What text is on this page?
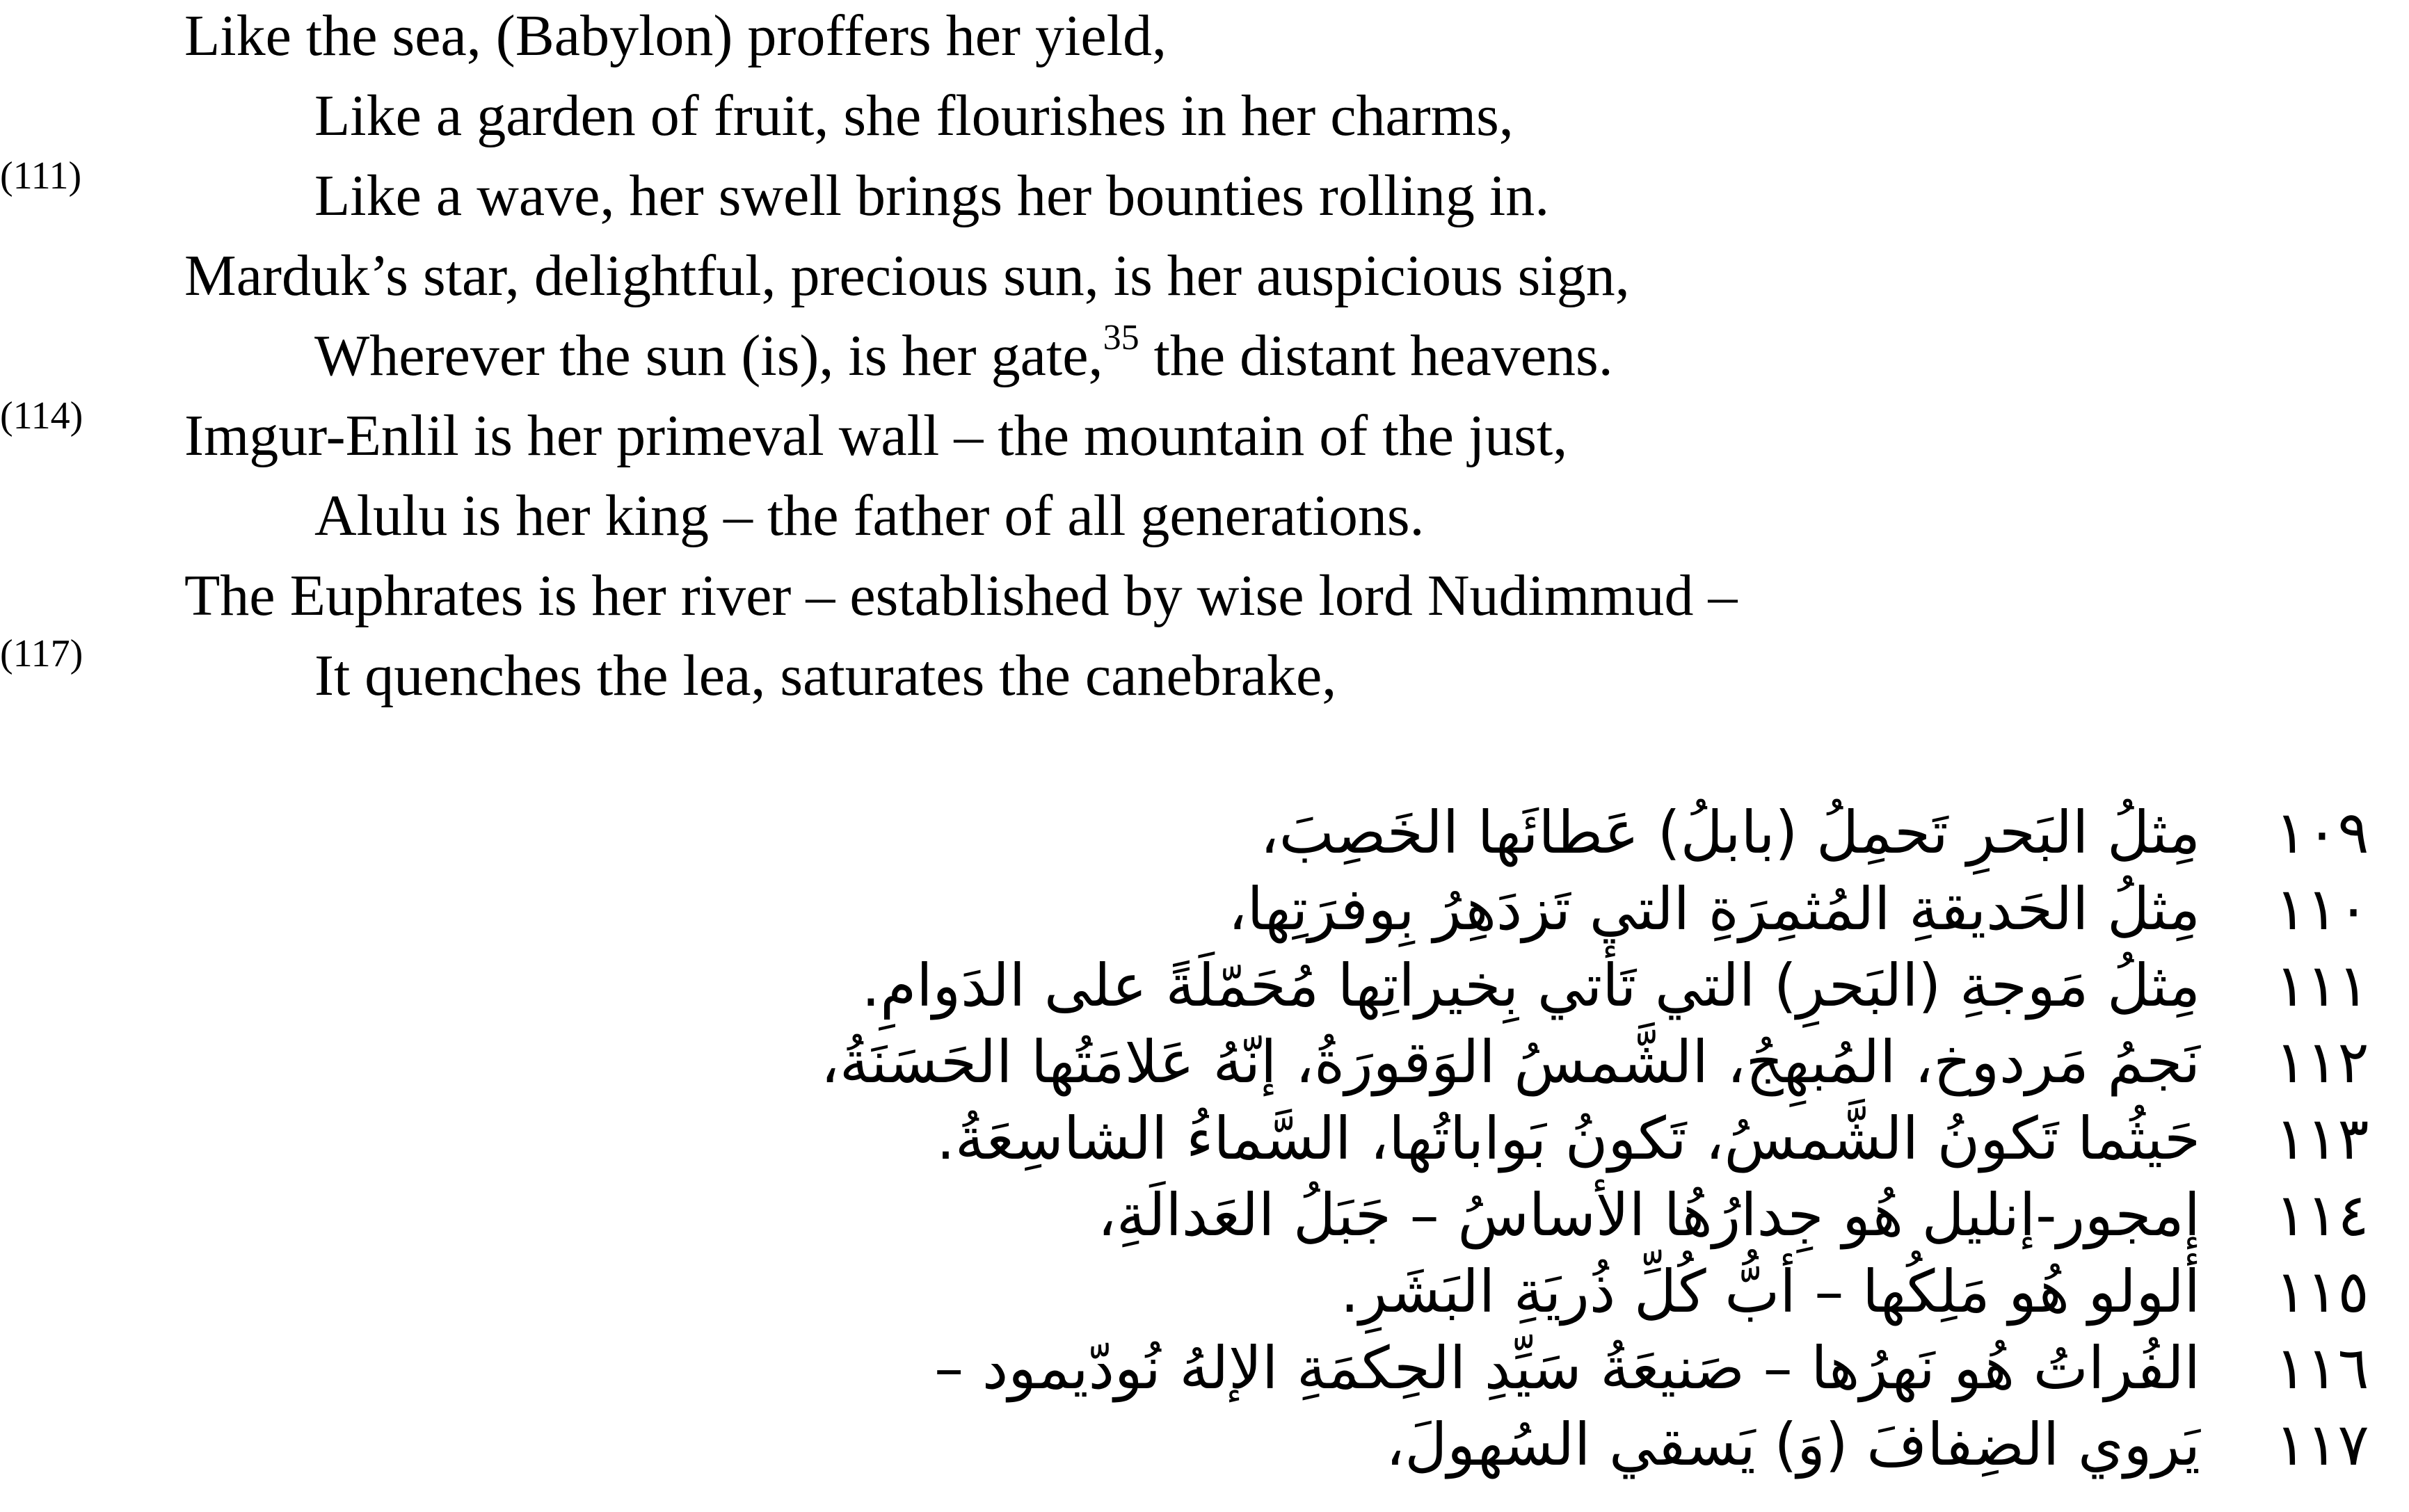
Like the sea, (Babylon) proffers her yield,
Like a garden of fruit, she flourishes in her charms,
(111)	Like a wave, her swell brings her bounties rolling in.
Marduk’s star, delightful, precious sun, is her auspicious sign,
Wherever the sun (is), is her gate,$^{35}$ the distant heavens.
(114) Imgur-Enlil is her primeval wall – the mountain of the just,
Alulu is her king – the father of all generations.
The Euphrates is her river – established by wise lord Nudimmud –
(117)	It quenches the lea, saturates the canebrake,
١٠٩
مِثلُ البَحرِ تَحمِلُ (بابلُ) عَطائَها الخَصِبَ،
١١٠
مِثلُ الحَديقةِ المُثمِرَةِ التي تَزدَهِرُ بِوفرَتِها،
١١١
مِثلُ مَوجةِ (البَحرِ) التي تَأتي بِخيراتِها مُحَمّلَةً على الدَوامِ.
١١٢
نَجمُ مَردوخ، المُبهِجُ، الشَّمسُ الوَقورَةُ، إنّهُ عَلامَتُها الحَسَنَةُ،
١١٣
حَيثُما تَكونُ الشَّمسُ، تَكونُ بَواباتُها، السَّماءُ الشاسِعَةُ.
١١٤
إمجور-إنليل هُو جِدارُهُا الأساسُ – جَبَلُ العَدالَةِ،
١١٥
ألولو هُو مَلِكُها – أبُّ كُلِّ ذُريَةِ البَشَرِ.
١١٦
الفُراتُ هُو نَهرُها – صَنيعَةُ سَيِّدِ الحِكمَةِ الإلهُ نُودّيمود –
١١٧
يَروي الضِفافَ (وَ) يَسقي السُهولَ،
